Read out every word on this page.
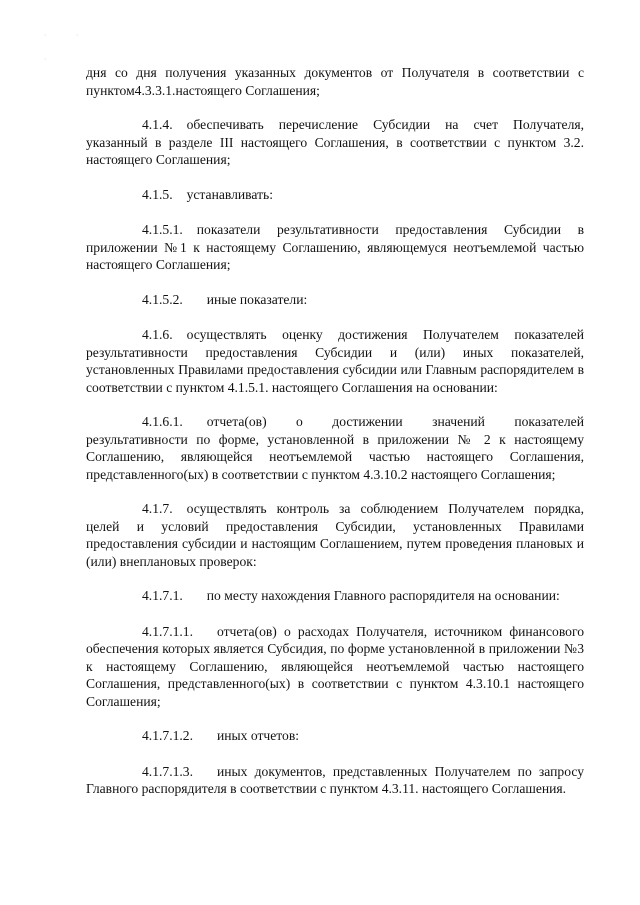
·	·
·

дня со дня получения указанных документов от Получателя в соответствии с пунктом4.3.3.1.настоящего Соглашения;

4.1.4. обеспечивать перечисление Субсидии на счет Получателя, указанный в разделе III настоящего Соглашения, в соответствии с пунктом 3.2. настоящего Соглашения;

4.1.5. устанавливать:

4.1.5.1. показатели результативности предоставления Субсидии в приложении №1 к настоящему Соглашению, являющемуся неотъемлемой частью настоящего Соглашения;

4.1.5.2. иные показатели:

4.1.6. осуществлять оценку достижения Получателем показателей результативности предоставления Субсидии и (или) иных показателей, установленных Правилами предоставления субсидии или Главным распорядителем в соответствии с пунктом 4.1.5.1. настоящего Соглашения на основании:

4.1.6.1. отчета(ов) о достижении значений показателей результативности по форме, установленной в приложении № 2 к настоящему Соглашению, являющейся неотъемлемой частью настоящего Соглашения, представленного(ых) в соответствии с пунктом 4.3.10.2 настоящего Соглашения;

4.1.7. осуществлять контроль за соблюдением Получателем порядка, целей и условий предоставления Субсидии, установленных Правилами предоставления субсидии и настоящим Соглашением, путем проведения плановых и (или) внеплановых проверок:

4.1.7.1. по месту нахождения Главного распорядителя на основании:

4.1.7.1.1. отчета(ов) о расходах Получателя, источником финансового обеспечения которых является Субсидия, по форме установленной в приложении №3 к настоящему Соглашению, являющейся неотъемлемой частью настоящего Соглашения, представленного(ых) в соответствии с пунктом 4.3.10.1 настоящего Соглашения;

4.1.7.1.2. иных отчетов:

4.1.7.1.3. иных документов, представленных Получателем по запросу Главного распорядителя в соответствии с пунктом 4.3.11. настоящего Соглашения.
